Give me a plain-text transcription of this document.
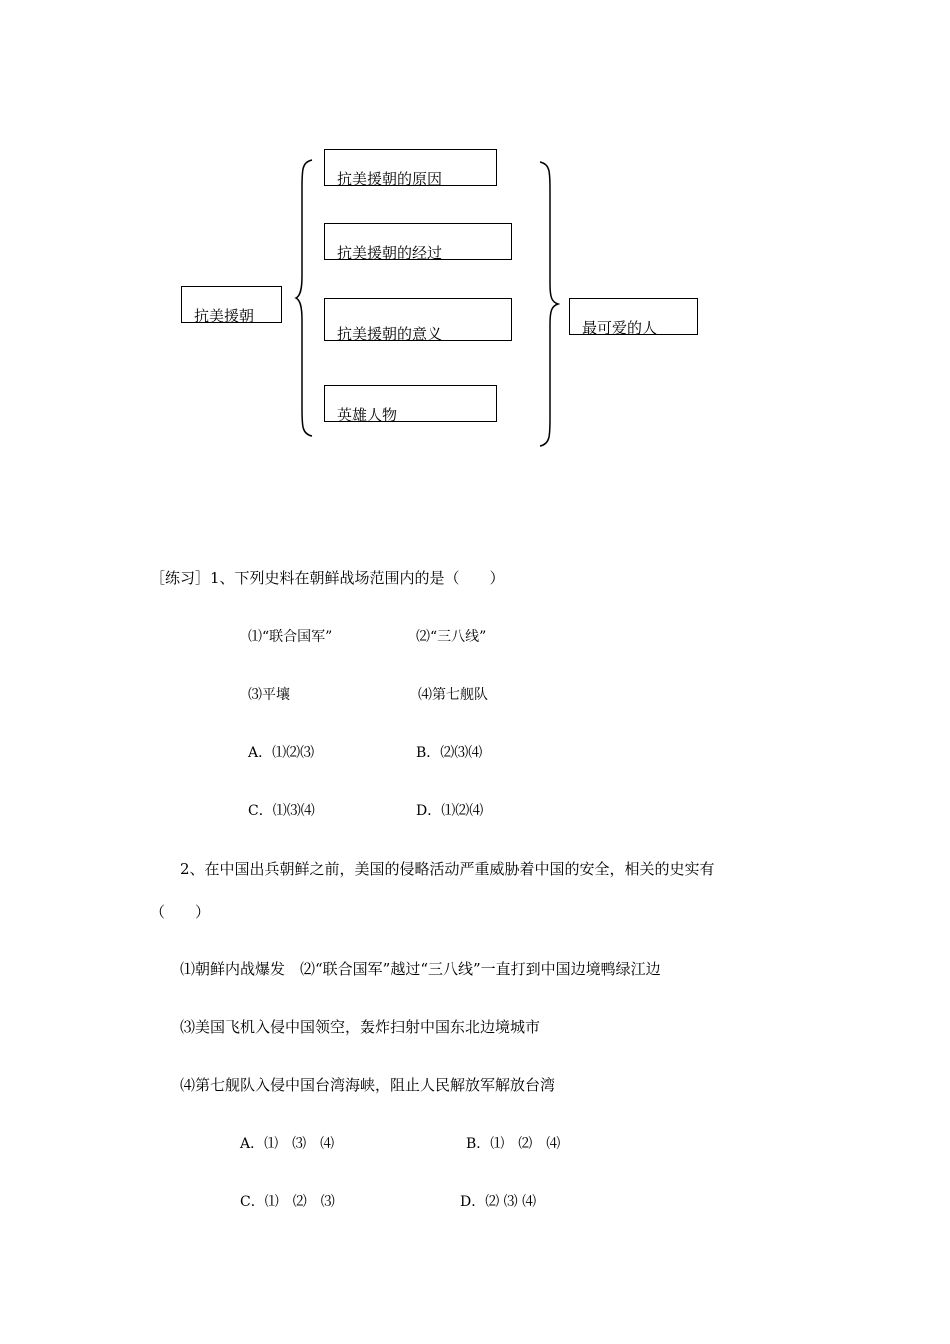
抗美援朝
抗美援朝的原因
抗美援朝的经过
抗美援朝的意义
英雄人物
最可爱的人
［练习］1、下列史料在朝鲜战场范围内的是（　　）
⑴“联合国军”	⑵“三八线”
⑶平壤	⑷第七舰队
A．⑴⑵⑶	B．⑵⑶⑷
C．⑴⑶⑷	D．⑴⑵⑷
2、在中国出兵朝鲜之前，美国的侵略活动严重威胁着中国的安全，相关的史实有
（　　）
⑴朝鲜内战爆发　⑵“联合国军”越过“三八线”一直打到中国边境鸭绿江边
⑶美国飞机入侵中国领空，轰炸扫射中国东北边境城市
⑷第七舰队入侵中国台湾海峡，阻止人民解放军解放台湾
A．⑴　⑶　⑷	B．⑴　⑵　⑷
C．⑴　⑵　⑶	D．⑵ ⑶ ⑷
